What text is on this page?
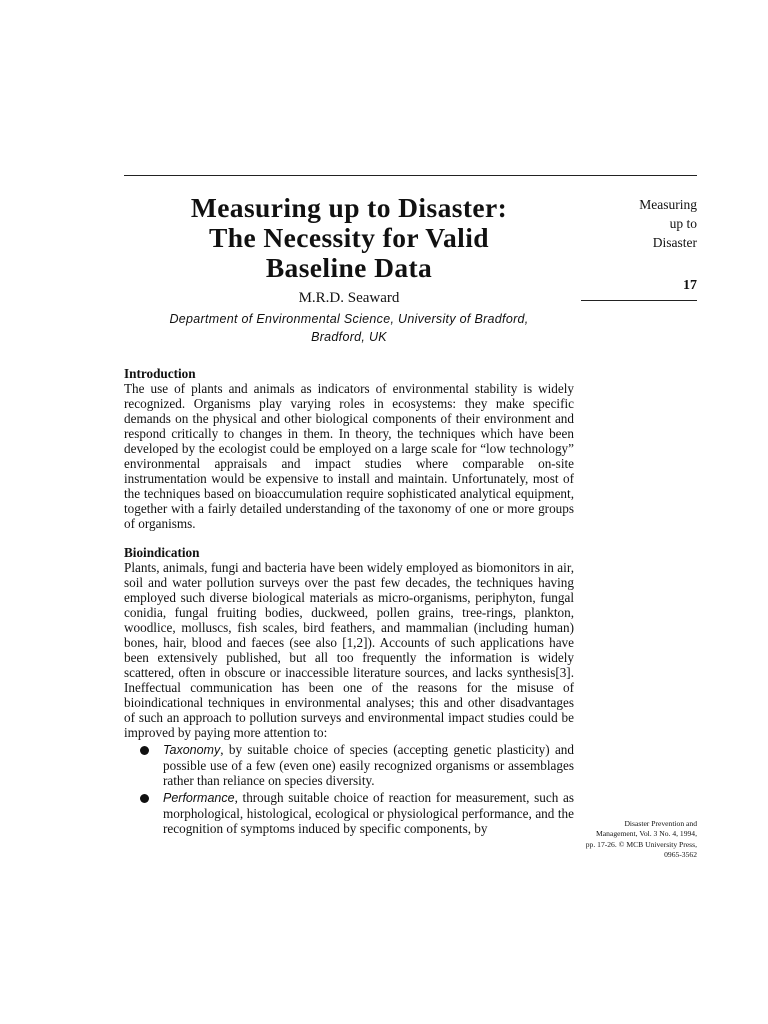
Measuring up to Disaster:
The Necessity for Valid
Baseline Data
M.R.D. Seaward
Department of Environmental Science, University of Bradford,
Bradford, UK
Measuring
up to
Disaster
17

Introduction

The use of plants and animals as indicators of environmental stability is widely recognized. Organisms play varying roles in ecosystems: they make specific demands on the physical and other biological components of their environment and respond critically to changes in them. In theory, the techniques which have been developed by the ecologist could be employed on a large scale for “low technology” environmental appraisals and impact studies where comparable on-site instrumentation would be expensive to install and maintain. Unfortunately, most of the techniques based on bioaccumulation require sophisticated analytical equipment, together with a fairly detailed understanding of the taxonomy of one or more groups of organisms.

Bioindication

Plants, animals, fungi and bacteria have been widely employed as biomonitors in air, soil and water pollution surveys over the past few decades, the techniques having employed such diverse biological materials as micro-organisms, periphyton, fungal conidia, fungal fruiting bodies, duckweed, pollen grains, tree-rings, plankton, woodlice, molluscs, fish scales, bird feathers, and mammalian (including human) bones, hair, blood and faeces (see also [1,2]). Accounts of such applications have been extensively published, but all too frequently the information is widely scattered, often in obscure or inaccessible literature sources, and lacks synthesis[3]. Ineffectual communication has been one of the reasons for the misuse of bioindicational techniques in environmental analyses; this and other disadvantages of such an approach to pollution surveys and environmental impact studies could be improved by paying more attention to:

Taxonomy, by suitable choice of species (accepting genetic plasticity) and possible use of a few (even one) easily recognized organisms or assemblages rather than reliance on species diversity.
Performance, through suitable choice of reaction for measurement, such as morphological, histological, ecological or physiological performance, and the recognition of symptoms induced by specific components, by	Disaster Prevention and
Management, Vol. 3 No. 4, 1994,
pp. 17-26. © MCB University Press,
0965-3562
